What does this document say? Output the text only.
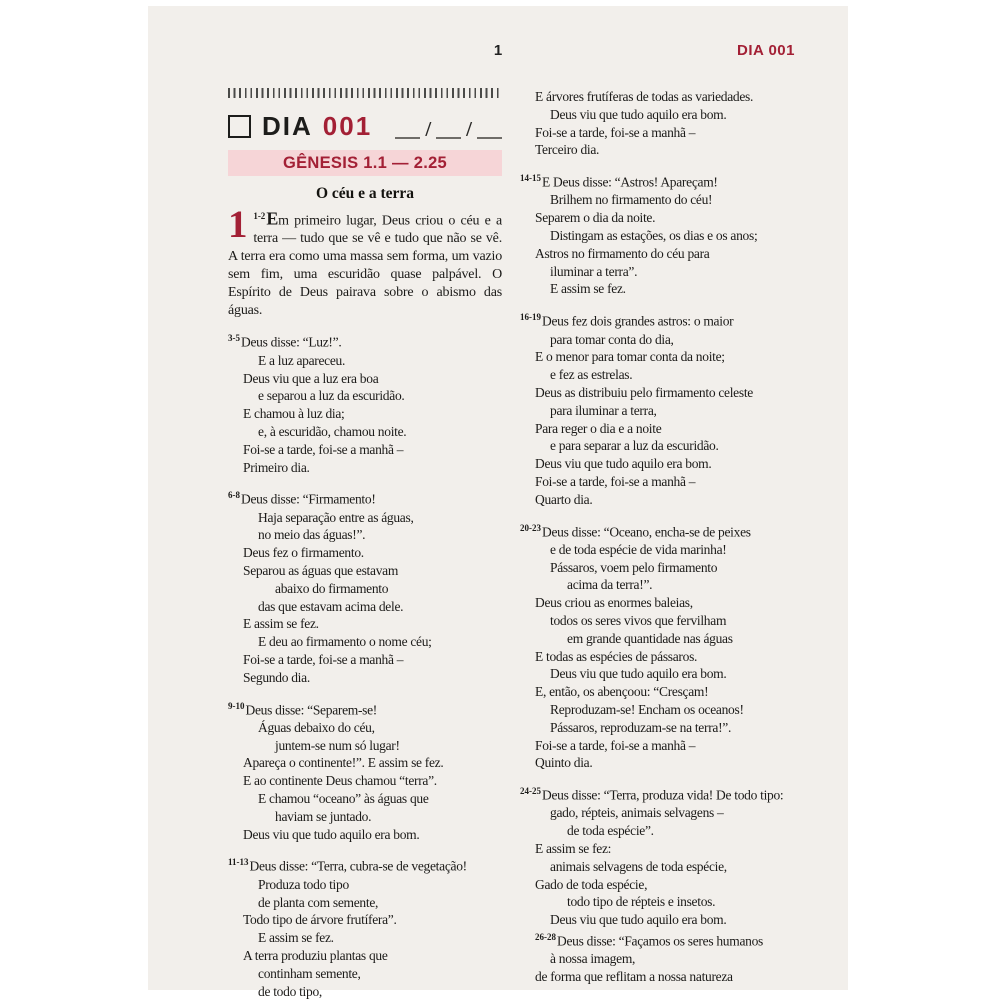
1	DIA 001
DIA 001	/ /
GÊNESIS 1.1 — 2.25
O céu e a terra

1 $^{1-2}$Em primeiro lugar, Deus criou o céu e a terra — tudo que se vê e tudo que não se vê. A terra era como uma massa sem forma, um vazio sem fim, uma escuridão quase palpável. O Espírito de Deus pairava sobre o abismo das águas.

$^{3-5}$Deus disse: “Luz!”.
E a luz apareceu.
Deus viu que a luz era boa
e separou a luz da escuridão.
E chamou à luz dia;
e, à escuridão, chamou noite.
Foi-se a tarde, foi-se a manhã –
Primeiro dia.
$^{6-8}$Deus disse: “Firmamento!
Haja separação entre as águas,
no meio das águas!”.
Deus fez o firmamento.
Separou as águas que estavam
abaixo do firmamento
das que estavam acima dele.
E assim se fez.
E deu ao firmamento o nome céu;
Foi-se a tarde, foi-se a manhã –
Segundo dia.
$^{9-10}$Deus disse: “Separem-se!
Águas debaixo do céu,
juntem-se num só lugar!
Apareça o continente!”. E assim se fez.
E ao continente Deus chamou “terra”.
E chamou “oceano” às águas que
haviam se juntado.
Deus viu que tudo aquilo era bom.
$^{11-13}$Deus disse: “Terra, cubra-se de vegetação!
Produza todo tipo
de planta com semente,
Todo tipo de árvore frutífera”.
E assim se fez.
A terra produziu plantas que
continham semente,
de todo tipo,
E árvores frutíferas de todas as variedades.
Deus viu que tudo aquilo era bom.
Foi-se a tarde, foi-se a manhã –
Terceiro dia.
$^{14-15}$E Deus disse: “Astros! Apareçam!
Brilhem no firmamento do céu!
Separem o dia da noite.
Distingam as estações, os dias e os anos;
Astros no firmamento do céu para
iluminar a terra”.
E assim se fez.
$^{16-19}$Deus fez dois grandes astros: o maior
para tomar conta do dia,
E o menor para tomar conta da noite;
e fez as estrelas.
Deus as distribuiu pelo firmamento celeste
para iluminar a terra,
Para reger o dia e a noite
e para separar a luz da escuridão.
Deus viu que tudo aquilo era bom.
Foi-se a tarde, foi-se a manhã –
Quarto dia.
$^{20-23}$Deus disse: “Oceano, encha-se de peixes
e de toda espécie de vida marinha!
Pássaros, voem pelo firmamento
acima da terra!”.
Deus criou as enormes baleias,
todos os seres vivos que fervilham
em grande quantidade nas águas
E todas as espécies de pássaros.
Deus viu que tudo aquilo era bom.
E, então, os abençoou: “Cresçam!
Reproduzam-se! Encham os oceanos!
Pássaros, reproduzam-se na terra!”.
Foi-se a tarde, foi-se a manhã –
Quinto dia.
$^{24-25}$Deus disse: “Terra, produza vida! De todo tipo:
gado, répteis, animais selvagens –
de toda espécie”.
E assim se fez:
animais selvagens de toda espécie,
Gado de toda espécie,
todo tipo de répteis e insetos.
Deus viu que tudo aquilo era bom.
$^{26-28}$Deus disse: “Façamos os seres humanos
à nossa imagem,
de forma que reflitam a nossa natureza
